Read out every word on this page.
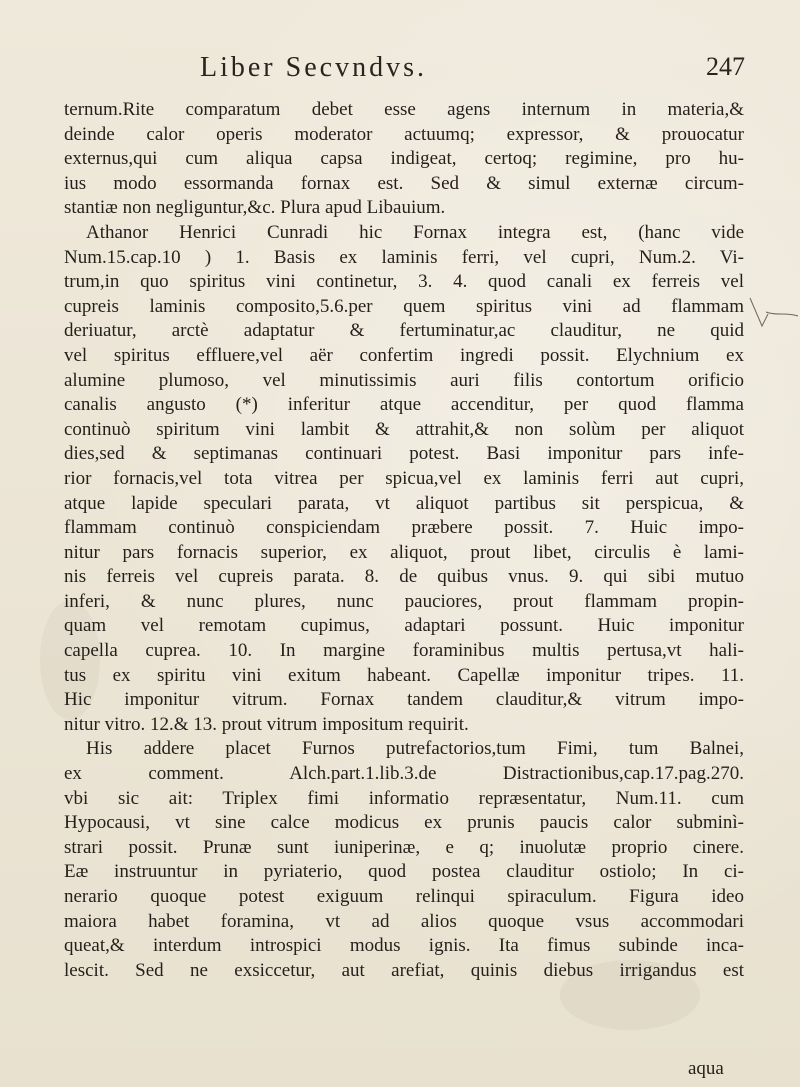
Liber Secvndvs.	247
ternum.Rite comparatum debet esse agens internum in materia,&
deinde calor operis moderator actuumq; expressor, & prouocatur
externus,qui cum aliqua capsa indigeat, certoq; regimine, pro hu-
ius modo essormanda fornax est. Sed & simul externæ circum-
stantiæ non negliguntur,&c. Plura apud Libauium.
Athanor Henrici Cunradi hic Fornax integra est, (hanc vide
Num.15.cap.10 ) 1. Basis ex laminis ferri, vel cupri, Num.2. Vi-
trum,in quo spiritus vini continetur, 3. 4. quod canali ex ferreis vel
cupreis laminis composito,5.6.per quem spiritus vini ad flammam
deriuatur, arctè adaptatur & fertuminatur,ac clauditur, ne quid
vel spiritus effluere,vel aër confertim ingredi possit. Elychnium ex
alumine plumoso, vel minutissimis auri filis contortum orificio
canalis angusto (*) inferitur atque accenditur, per quod flamma
continuò spiritum vini lambit & attrahit,& non solùm per aliquot
dies,sed & septimanas continuari potest. Basi imponitur pars infe-
rior fornacis,vel tota vitrea per spicua,vel ex laminis ferri aut cupri,
atque lapide speculari parata, vt aliquot partibus sit perspicua, &
flammam continuò conspiciendam præbere possit. 7. Huic impo-
nitur pars fornacis superior, ex aliquot, prout libet, circulis è lami-
nis ferreis vel cupreis parata. 8. de quibus vnus. 9. qui sibi mutuo
inferi, & nunc plures, nunc pauciores, prout flammam propin-
quam vel remotam cupimus, adaptari possunt. Huic imponitur
capella cuprea. 10. In margine foraminibus multis pertusa,vt hali-
tus ex spiritu vini exitum habeant. Capellæ imponitur tripes. 11.
Hic imponitur vitrum. Fornax tandem clauditur,& vitrum impo-
nitur vitro. 12.& 13. prout vitrum impositum requirit.
His addere placet Furnos putrefactorios,tum Fimi, tum Balnei,
ex comment. Alch.part.1.lib.3.de Distractionibus,cap.17.pag.270.
vbi sic ait: Triplex fimi informatio repræsentatur, Num.11. cum
Hypocausi, vt sine calce modicus ex prunis paucis calor subminì-
strari possit. Prunæ sunt iuniperinæ, e q; inuolutæ proprio cinere.
Eæ instruuntur in pyriaterio, quod postea clauditur ostiolo; In ci-
nerario quoque potest exiguum relinqui spiraculum. Figura ideo
maiora habet foramina, vt ad alios quoque vsus accommodari
queat,& interdum introspici modus ignis. Ita fimus subinde inca-
lescit. Sed ne exsiccetur, aut arefiat, quinis diebus irrigandus est
aqua
